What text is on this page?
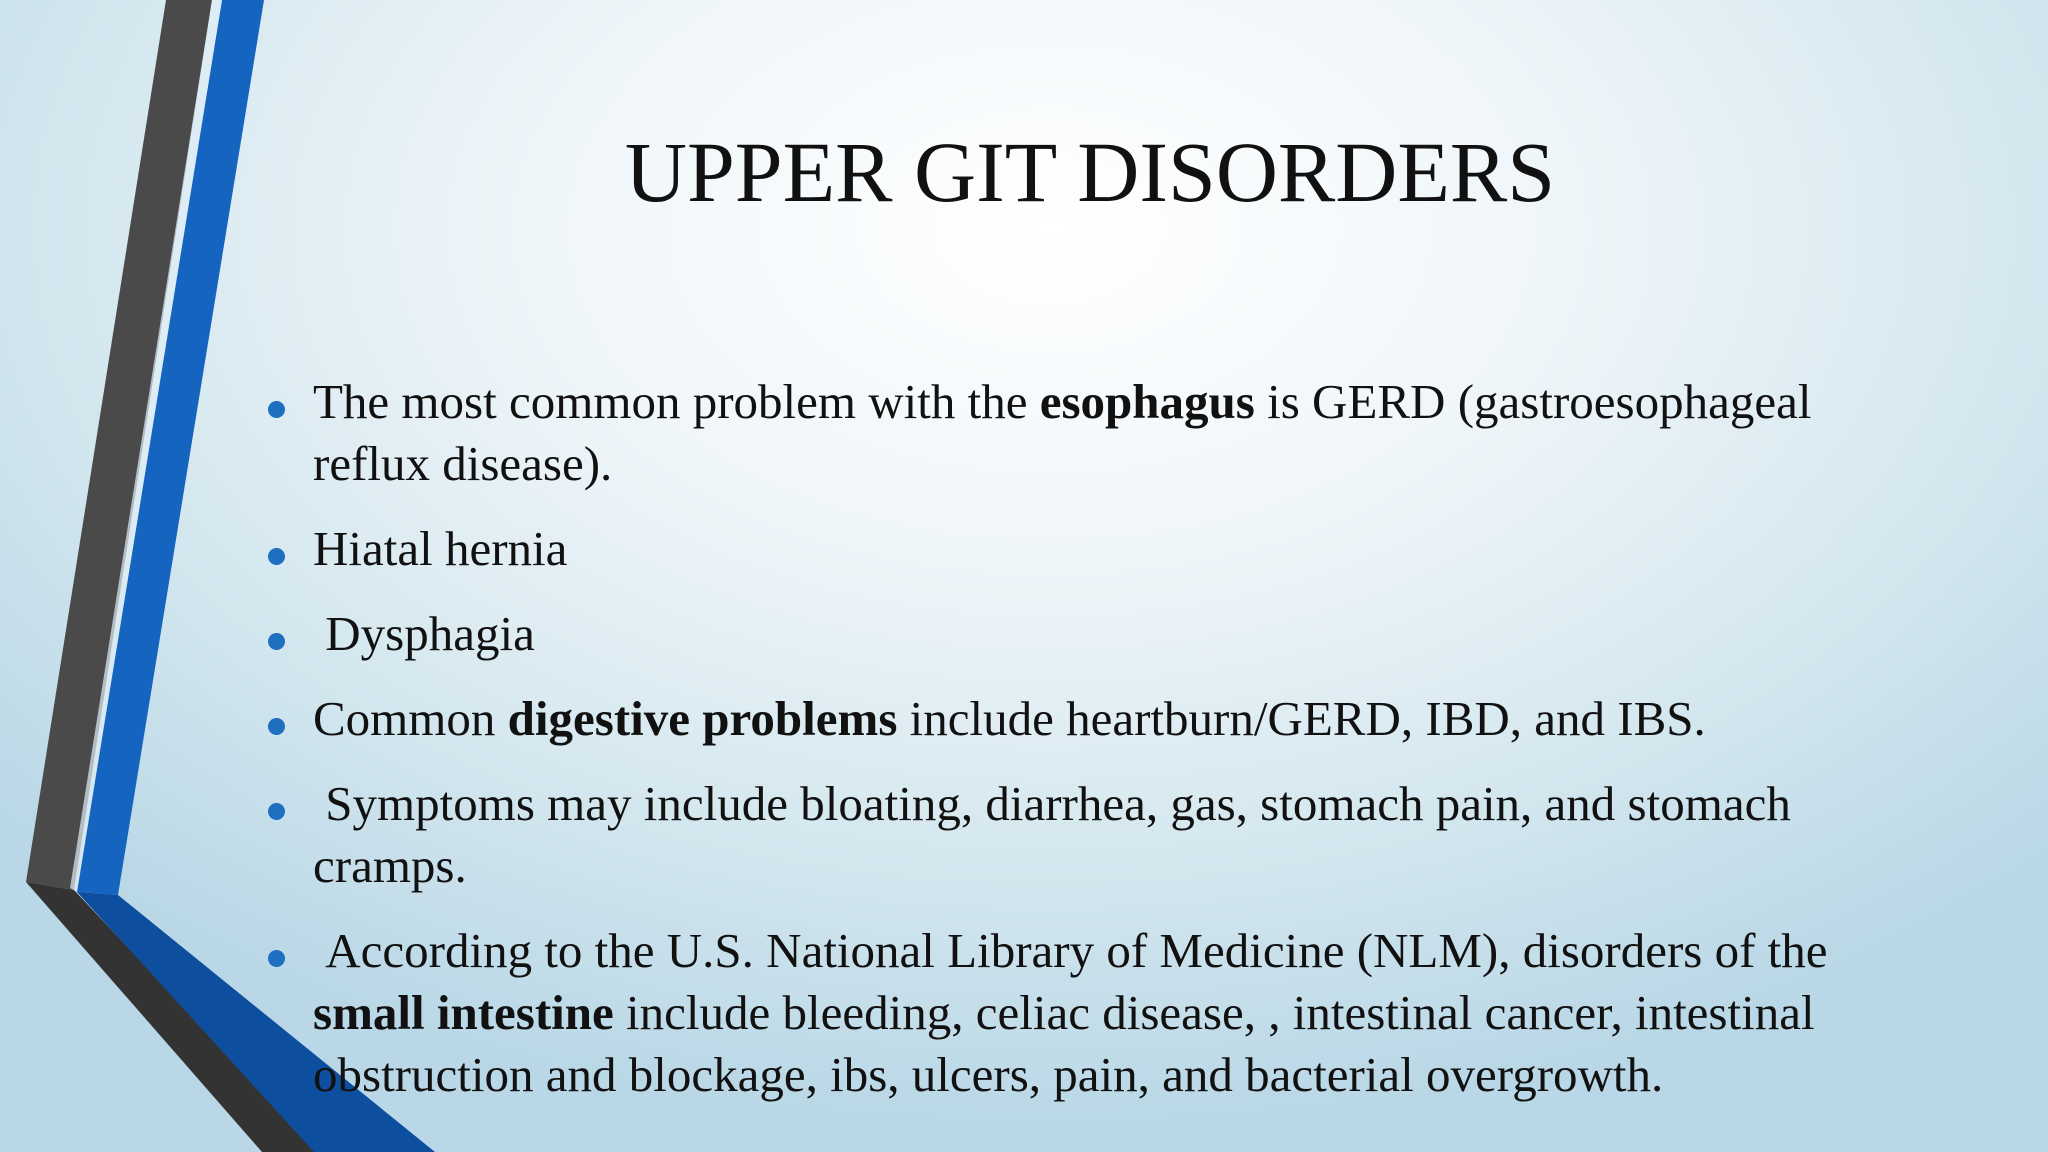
UPPER GIT DISORDERS
The most common problem with the esophagus is GERD (gastroesophageal reflux disease).
Hiatal hernia
Dysphagia
Common digestive problems include heartburn/GERD, IBD, and IBS.
Symptoms may include bloating, diarrhea, gas, stomach pain, and stomach cramps.
According to the U.S. National Library of Medicine (NLM), disorders of the small intestine include bleeding, celiac disease, , intestinal cancer, intestinal obstruction and blockage, ibs, ulcers, pain, and bacterial overgrowth.
